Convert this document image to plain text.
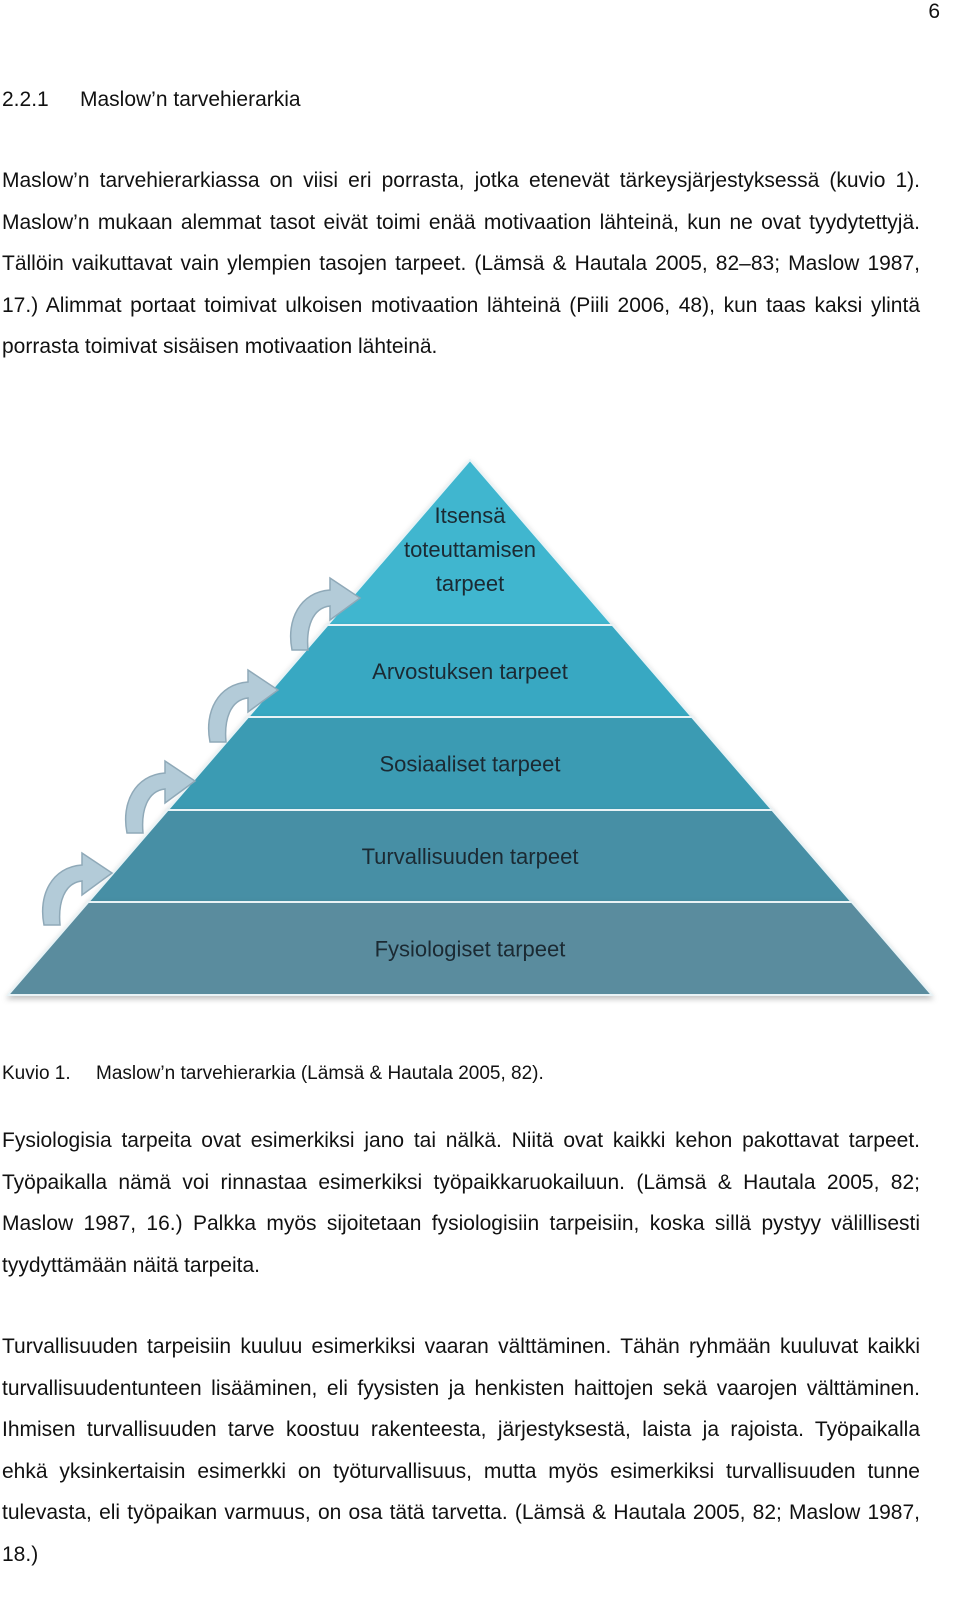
6
2.2.1 Maslow’n tarvehierarkia

Maslow’n tarvehierarkiassa on viisi eri porrasta, jotka etenevät tärkeysjärjestyksessä (kuvio 1). Maslow’n mukaan alemmat tasot eivät toimi enää motivaation lähteinä, kun ne ovat tyydytettyjä. Tällöin vaikuttavat vain ylempien tasojen tarpeet. (Lämsä & Hautala 2005, 82–83; Maslow 1987, 17.) Alimmat portaat toimivat ulkoisen motivaation lähteinä (Piili 2006, 48), kun taas kaksi ylintä porrasta toimivat sisäisen motivaation lähteinä.

Itsensä
toteuttamisen
tarpeet
Arvostuksen tarpeet
Sosiaaliset tarpeet
Turvallisuuden tarpeet
Fysiologiset tarpeet
Kuvio 1. Maslow’n tarvehierarkia (Lämsä & Hautala 2005, 82).

Fysiologisia tarpeita ovat esimerkiksi jano tai nälkä. Niitä ovat kaikki kehon pakottavat tarpeet. Työpaikalla nämä voi rinnastaa esimerkiksi työpaikkaruokailuun. (Lämsä & Hautala 2005, 82; Maslow 1987, 16.) Palkka myös sijoitetaan fysiologisiin tarpeisiin, koska sillä pystyy välillisesti tyydyttämään näitä tarpeita.

Turvallisuuden tarpeisiin kuuluu esimerkiksi vaaran välttäminen. Tähän ryhmään kuuluvat kaikki turvallisuudentunteen lisääminen, eli fyysisten ja henkisten haittojen sekä vaarojen välttäminen. Ihmisen turvallisuuden tarve koostuu rakenteesta, järjestyksestä, laista ja rajoista. Työpaikalla ehkä yksinkertaisin esimerkki on työturvallisuus, mutta myös esimerkiksi turvallisuuden tunne tulevasta, eli työpaikan varmuus, on osa tätä tarvetta. (Lämsä & Hautala 2005, 82; Maslow 1987, 18.)
